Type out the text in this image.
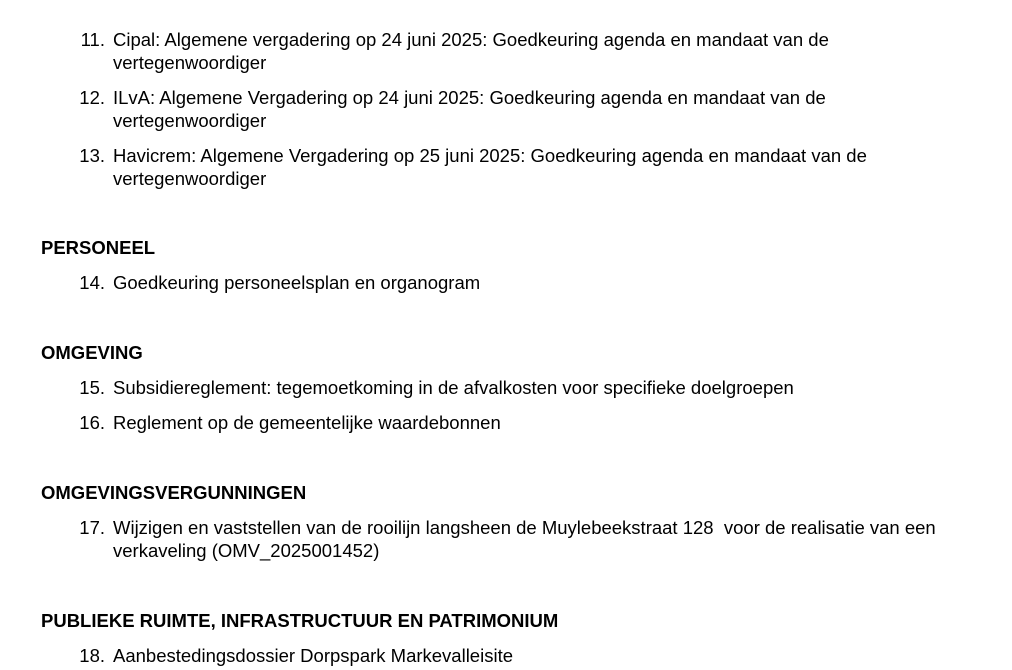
11. Cipal: Algemene vergadering op 24 juni 2025: Goedkeuring agenda en mandaat van de vertegenwoordiger
12. ILvA: Algemene Vergadering op 24 juni 2025: Goedkeuring agenda en mandaat van de vertegenwoordiger
13. Havicrem: Algemene Vergadering op 25 juni 2025: Goedkeuring agenda en mandaat van de vertegenwoordiger
PERSONEEL
14. Goedkeuring personeelsplan en organogram
OMGEVING
15. Subsidiereglement: tegemoetkoming in de afvalkosten voor specifieke doelgroepen
16. Reglement op de gemeentelijke waardebonnen
OMGEVINGSVERGUNNINGEN
17. Wijzigen en vaststellen van de rooilijn langsheen de Muylebeekstraat 128  voor de realisatie van een verkaveling (OMV_2025001452)
PUBLIEKE RUIMTE, INFRASTRUCTUUR EN PATRIMONIUM
18. Aanbestedingsdossier Dorpspark Markevalleisite
